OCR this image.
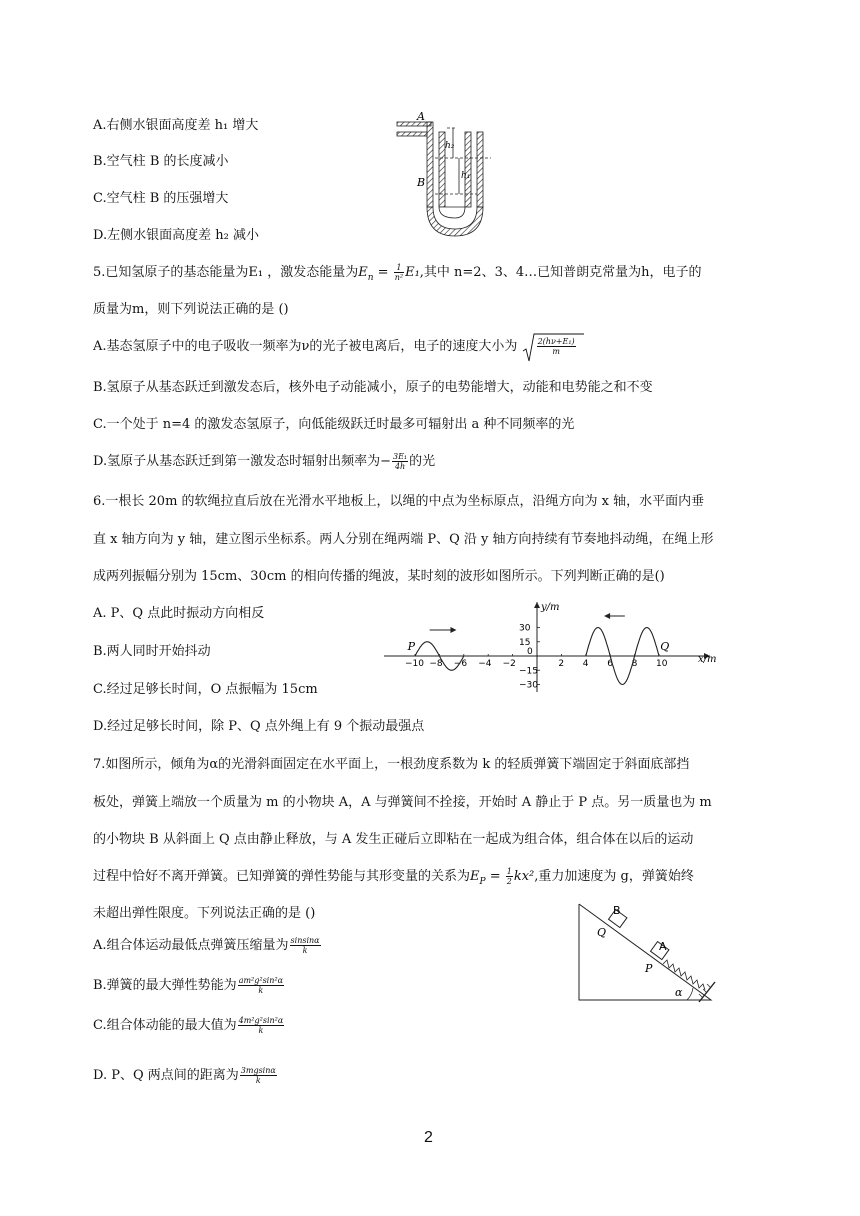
A.右侧水银面高度差 h₁ 增大
B.空气柱 B 的长度减小
C.空气柱 B 的压强增大
D.左侧水银面高度差 h₂ 减小
A
B
h₂
h₁
5.已知氢原子的基态能量为E₁ ，激发态能量为$E_n = \frac{1}{\text{n²}} E_1$,其中 n=2、3、4…已知普朗克常量为h，电子的
质量为m，则下列说法正确的是 ()
A.基态氢原子中的电子吸收一频率为ν的光子被电离后，电子的速度大小为 $\frac{\text{2(hν+E₁)}}{m}$
B.氢原子从基态跃迁到激发态后，核外电子动能减小，原子的电势能增大，动能和电势能之和不变
C.一个处于 n=4 的激发态氢原子，向低能级跃迁时最多可辐射出 a 种不同频率的光
D.氢原子从基态跃迁到第一激发态时辐射出频率为− $\frac{\text{3E₁}}{4h}$ 的光
6.一根长 20m 的软绳拉直后放在光滑水平地板上，以绳的中点为坐标原点，沿绳方向为 x 轴，水平面内垂
直 x 轴方向为 y 轴，建立图示坐标系。两人分别在绳两端 P、Q 沿 y 轴方向持续有节奏地抖动绳，在绳上形
成两列振幅分别为 15cm、30cm 的相向传播的绳波，某时刻的波形如图所示。下列判断正确的是()
A. P、Q 点此时振动方向相反
B.两人同时开始抖动
C.经过足够长时间，O 点振幅为 15cm
D.经过足够长时间，除 P、Q 点外绳上有 9 个振动最强点
y/m
x/m
−10 −8 −6 −4 −2
0
2 4 6 8 10
30
15
−15
−30
P	Q
7.如图所示，倾角为α的光滑斜面固定在水平面上，一根劲度系数为 k 的轻质弹簧下端固定于斜面底部挡
板处，弹簧上端放一个质量为 m 的小物块 A，A 与弹簧间不拴接，开始时 A 静止于 P 点。另一质量也为 m
的小物块 B 从斜面上 Q 点由静止释放，与 A 发生正碰后立即粘在一起成为组合体，组合体在以后的运动
过程中恰好不离开弹簧。已知弹簧的弹性势能与其形变量的关系为$E_P = \frac{1}{2} kx^2$,重力加速度为 g，弹簧始终
未超出弹性限度。下列说法正确的是 ()
A.组合体运动最低点弹簧压缩量为 $\frac{\text{sinsinα}}{k}$
B.弹簧的最大弹性势能为 $\frac{\text{am²g²sin²α}}{k}$
C.组合体动能的最大值为 $\frac{\text{4m²g²sin²α}}{k}$
D. P、Q 两点间的距离为 $\frac{3mgsin\alpha}{k}$
B
Q
A
P
α
2
